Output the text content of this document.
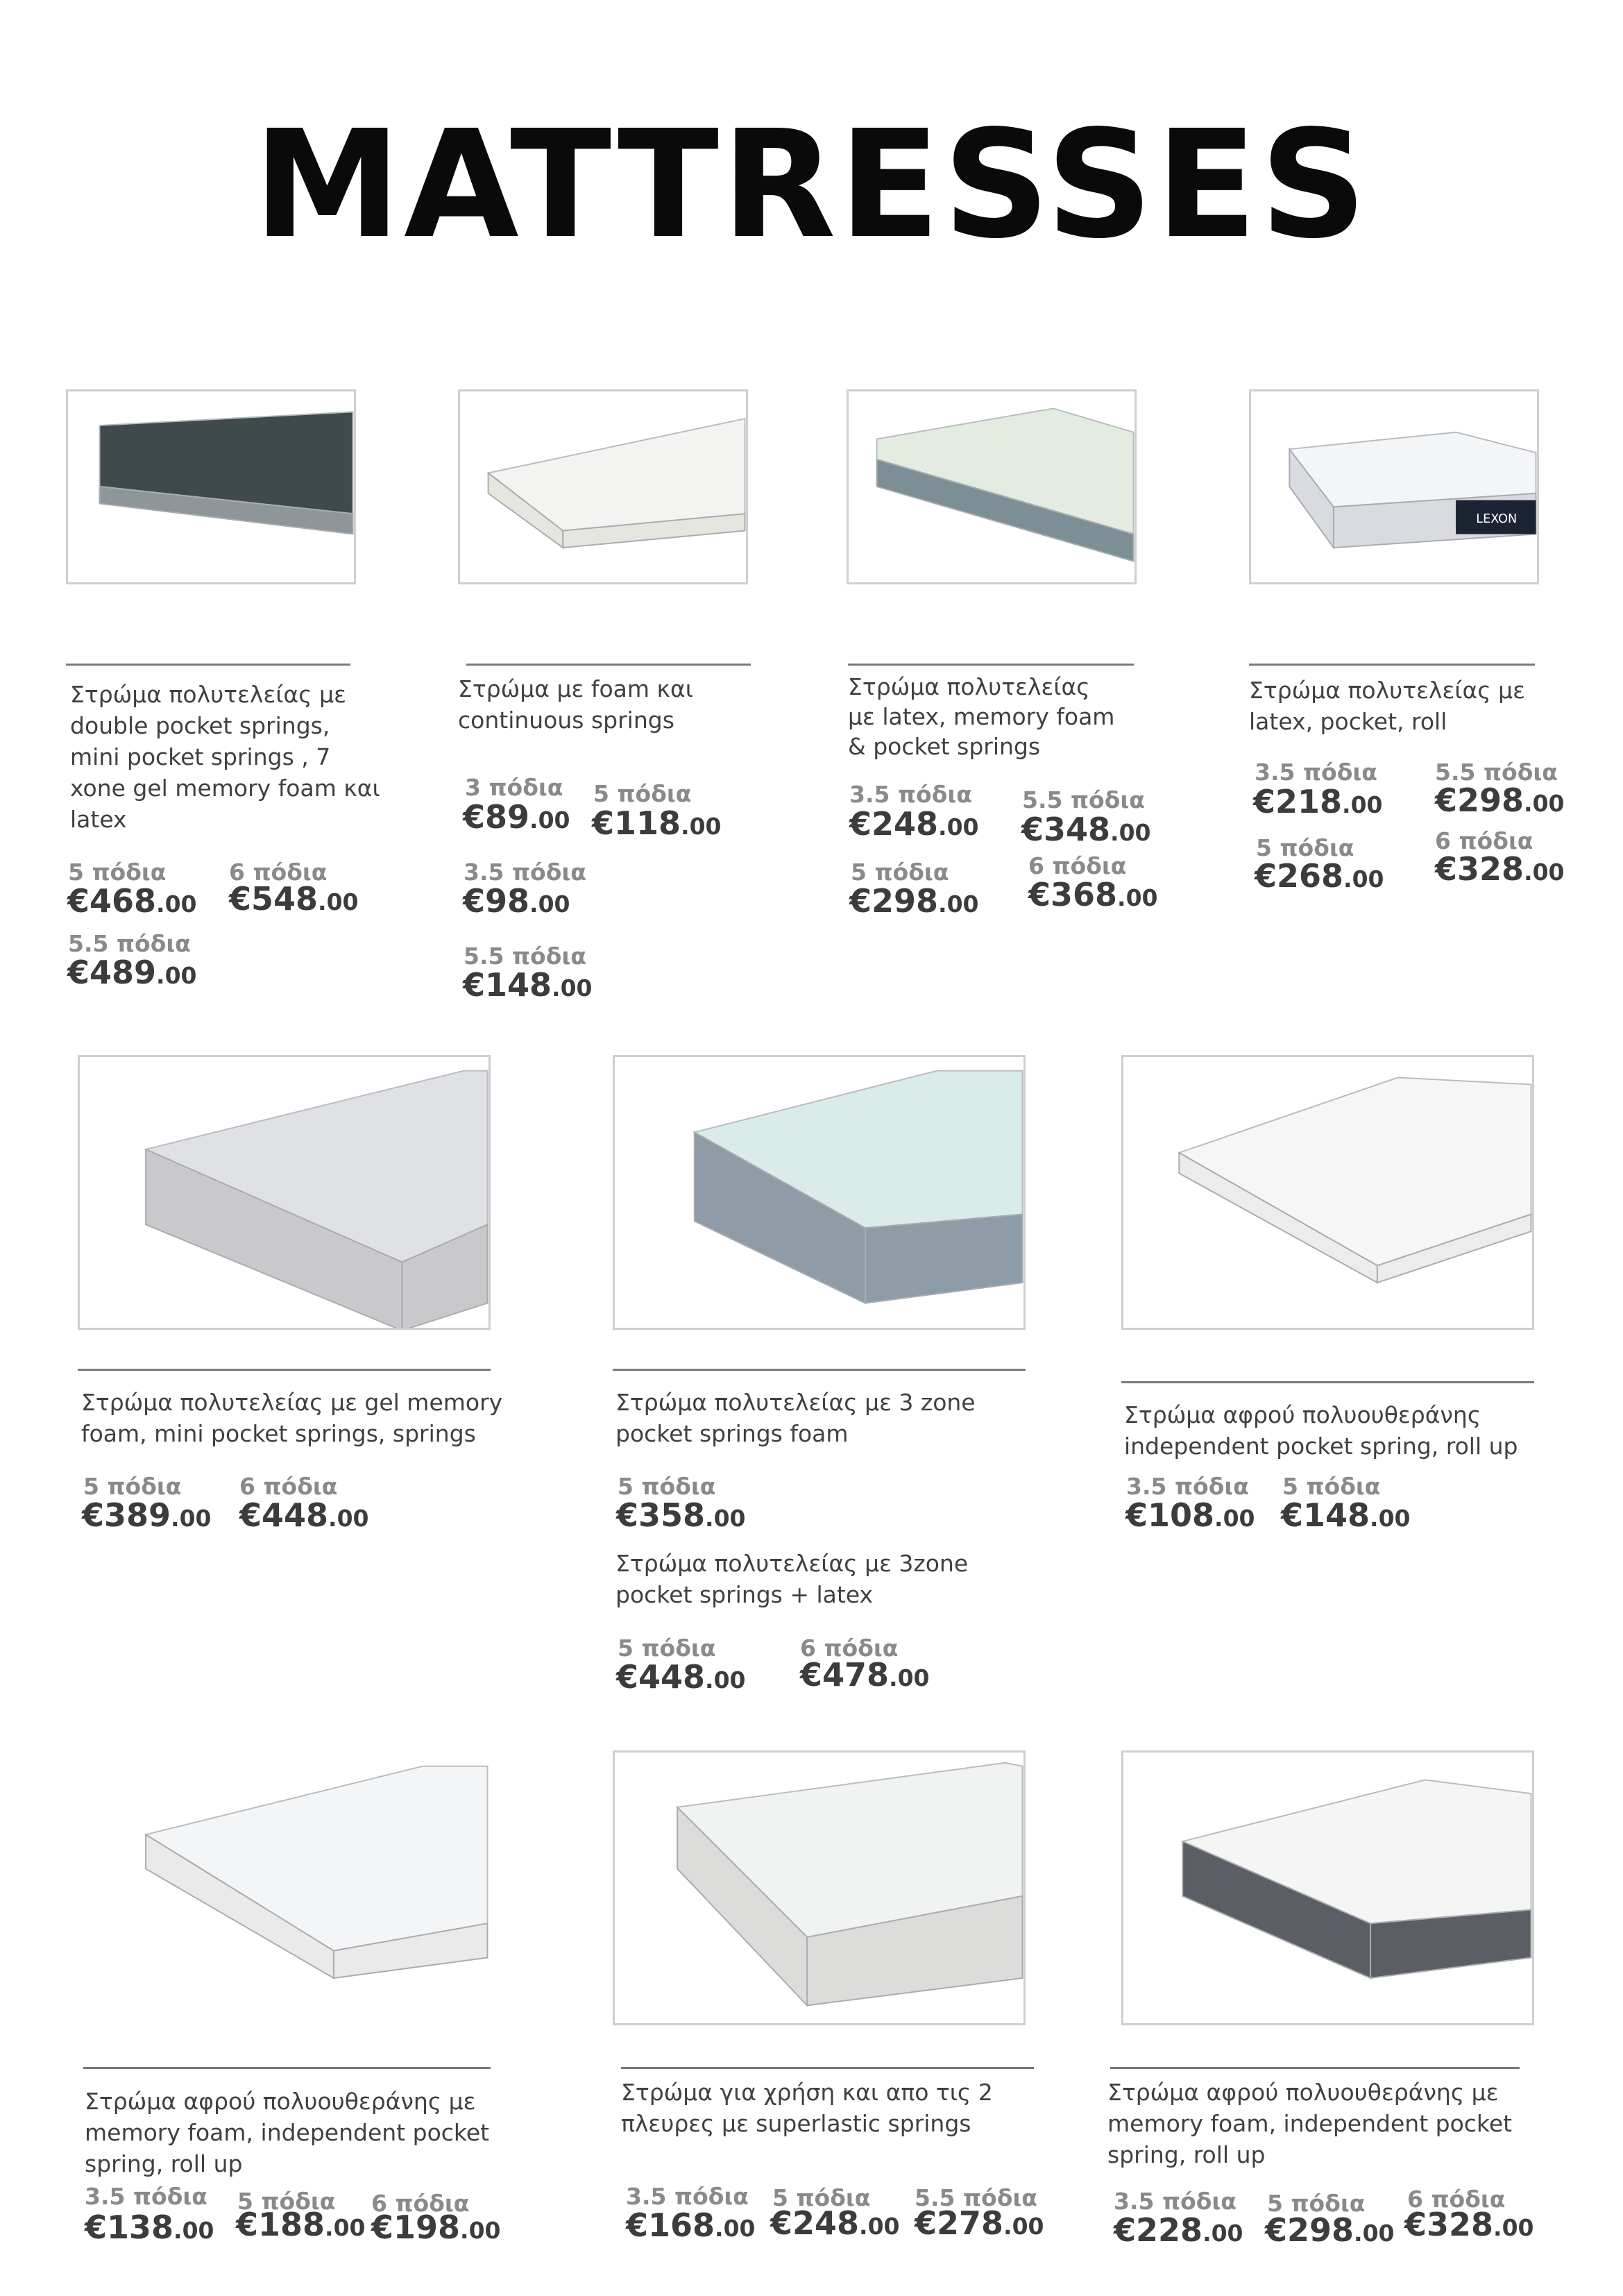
MATTRESSES
LEXON
Στρώμα πολυτελείας με
double pocket springs,
mini pocket springs , 7
xone gel memory foam και
latex
5 πόδια
€468.00
6 πόδια
€548.00
5.5 πόδια
€489.00
Στρώμα με foam και
continuous springs
3 πόδια
€89.00
5 πόδια
€118.00
3.5 πόδια
€98.00
5.5 πόδια
€148.00
Στρώμα πολυτελείας
με latex, memory foam
& pocket springs
3.5 πόδια
€248.00
5.5 πόδια
€348.00
5 πόδια
€298.00
6 πόδια
€368.00
Στρώμα πολυτελείας με
latex, pocket, roll
3.5 πόδια
€218.00
5.5 πόδια
€298.00
5 πόδια
€268.00
6 πόδια
€328.00
Στρώμα πολυτελείας με gel memory
foam, mini pocket springs, springs
5 πόδια
€389.00
6 πόδια
€448.00
Στρώμα πολυτελείας με 3 zone
pocket springs foam
5 πόδια
€358.00
Στρώμα πολυτελείας με 3zone
pocket springs + latex
5 πόδια
€448.00
6 πόδια
€478.00
Στρώμα αφρού πολυουθεράνης
independent pocket spring, roll up
3.5 πόδια
€108.00
5 πόδια
€148.00
Στρώμα αφρού πολυουθεράνης με
memory foam, independent pocket
spring, roll up
3.5 πόδια
€138.00
5 πόδια
€188.00
6 πόδια
€198.00
Στρώμα για χρήση και απο τις 2
πλευρες με superlastic springs
3.5 πόδια
€168.00
5 πόδια
€248.00
5.5 πόδια
€278.00
Στρώμα αφρού πολυουθεράνης με
memory foam, independent pocket
spring, roll up
3.5 πόδια
€228.00
5 πόδια
€298.00
6 πόδια
€328.00
